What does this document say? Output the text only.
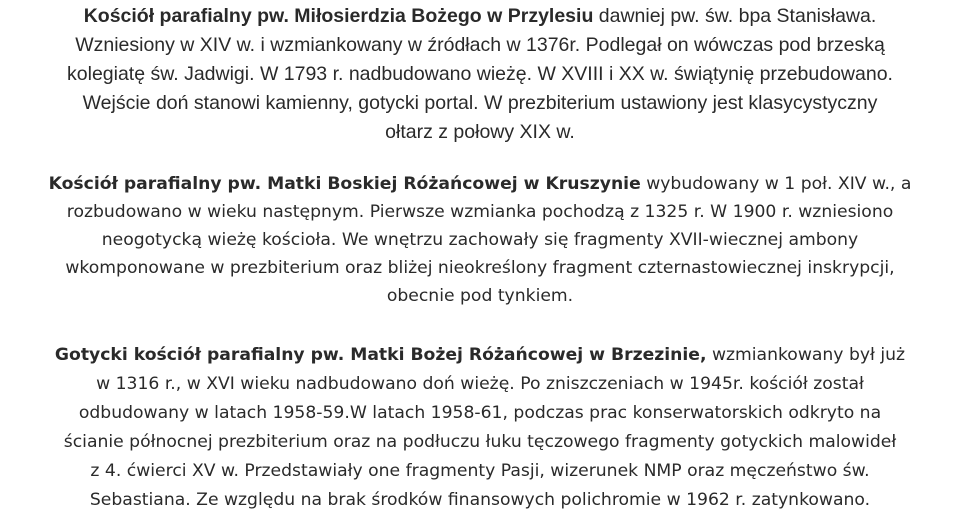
Kościół parafialny pw. Miłosierdzia Bożego w Przylesiu dawniej pw. św. bpa Stanisława.
Wzniesiony w XIV w. i wzmiankowany w źródłach w 1376r. Podlegał on wówczas pod brzeską
kolegiatę św. Jadwigi. W 1793 r. nadbudowano wieżę. W XVIII i XX w. świątynię przebudowano.
Wejście doń stanowi kamienny, gotycki portal. W prezbiterium ustawiony jest klasycystyczny
ołtarz z połowy XIX w.

Kościół parafialny pw. Matki Boskiej Różańcowej w Kruszynie wybudowany w 1 poł. XIV w., a
rozbudowano w wieku następnym. Pierwsze wzmianka pochodzą z 1325 r. W 1900 r. wzniesiono
neogotycką wieżę kościoła. We wnętrzu zachowały się fragmenty XVII-wiecznej ambony
wkomponowane w prezbiterium oraz bliżej nieokreślony fragment czternastowiecznej inskrypcji,
obecnie pod tynkiem.

Gotycki kościół parafialny pw. Matki Bożej Różańcowej w Brzezinie, wzmiankowany był już
w 1316 r., w XVI wieku nadbudowano doń wieżę. Po zniszczeniach w 1945r. kościół został
odbudowany w latach 1958-59.W latach 1958-61, podczas prac konserwatorskich odkryto na
ścianie północnej prezbiterium oraz na podłuczu łuku tęczowego fragmenty gotyckich malowideł
z 4. ćwierci XV w. Przedstawiały one fragmenty Pasji, wizerunek NMP oraz męczeństwo św.
Sebastiana. Ze względu na brak środków finansowych polichromie w 1962 r. zatynkowano.
